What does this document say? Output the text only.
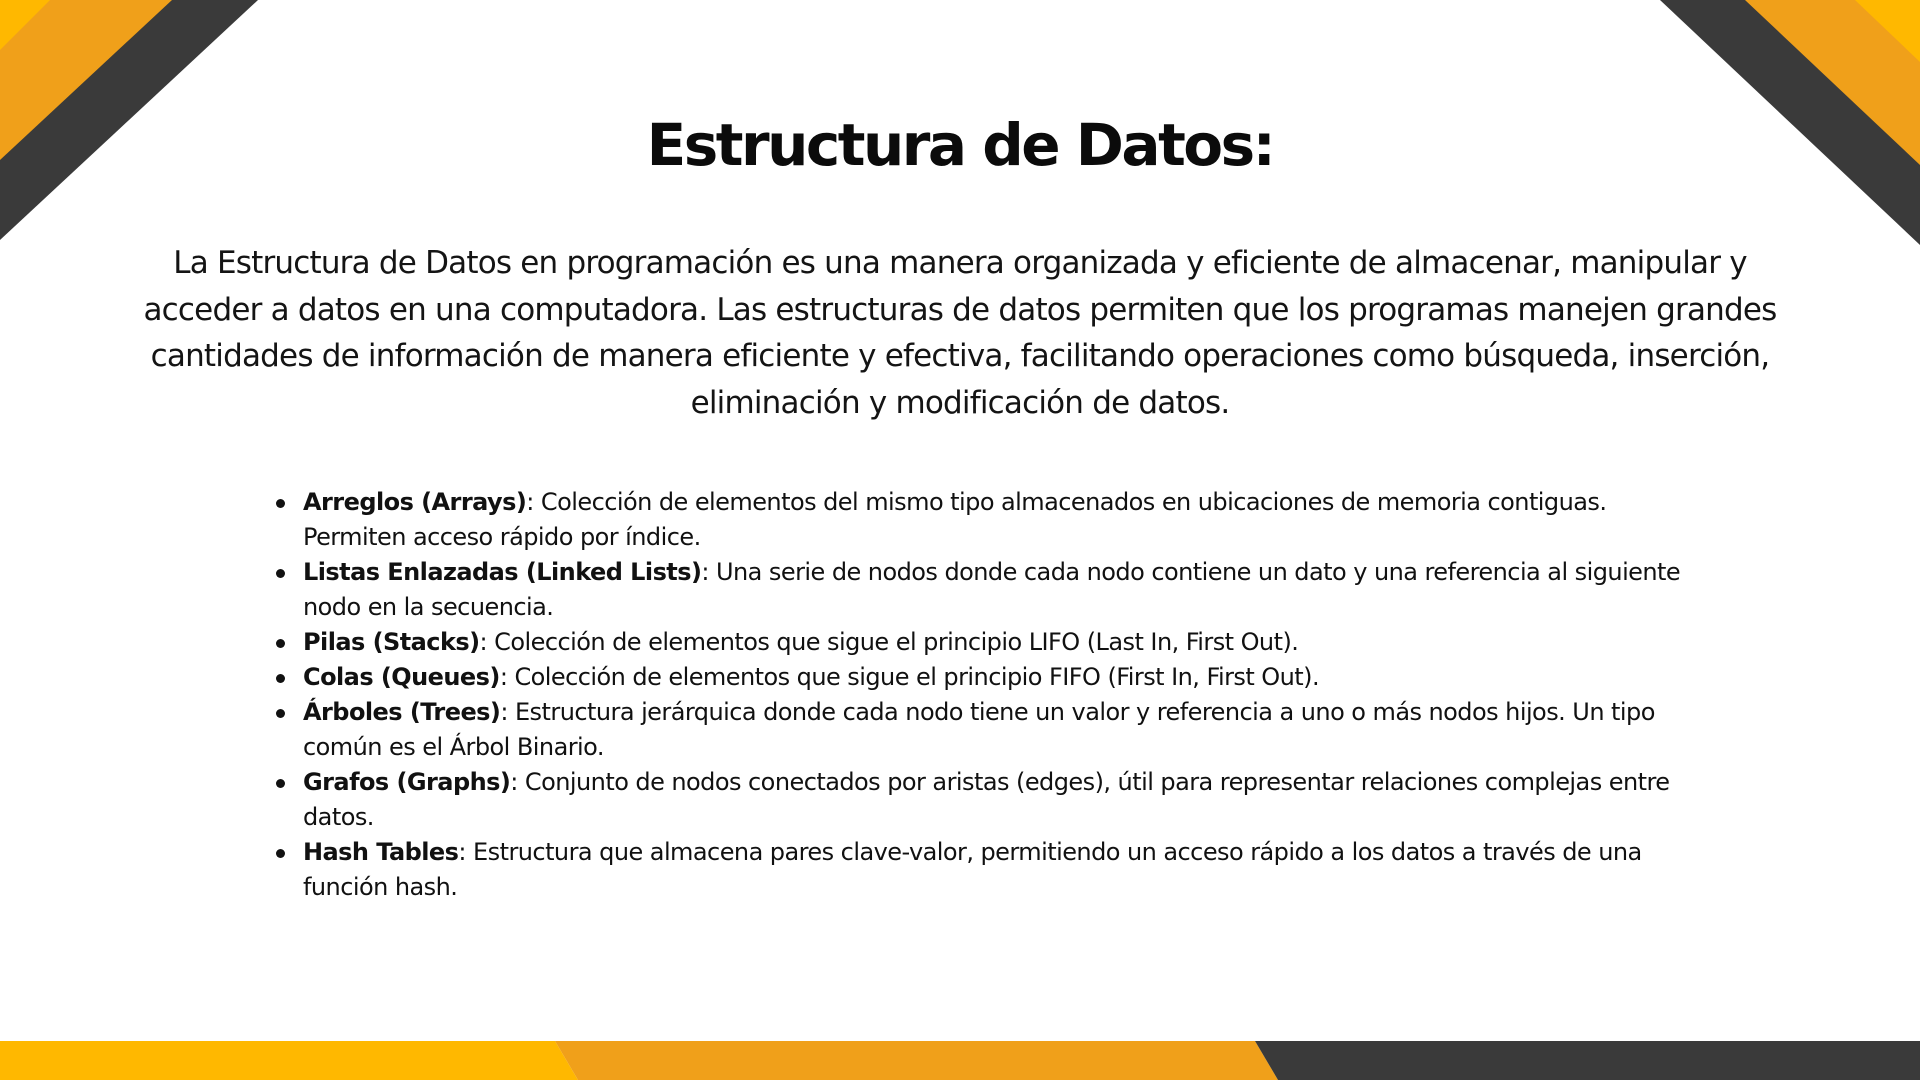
Estructura de Datos:

La Estructura de Datos en programación es una manera organizada y eficiente de almacenar, manipular y acceder a datos en una computadora. Las estructuras de datos permiten que los programas manejen grandes cantidades de información de manera eficiente y efectiva, facilitando operaciones como búsqueda, inserción, eliminación y modificación de datos.

Arreglos (Arrays): Colección de elementos del mismo tipo almacenados en ubicaciones de memoria contiguas. Permiten acceso rápido por índice.
Listas Enlazadas (Linked Lists): Una serie de nodos donde cada nodo contiene un dato y una referencia al siguiente nodo en la secuencia.
Pilas (Stacks): Colección de elementos que sigue el principio LIFO (Last In, First Out).
Colas (Queues): Colección de elementos que sigue el principio FIFO (First In, First Out).
Árboles (Trees): Estructura jerárquica donde cada nodo tiene un valor y referencia a uno o más nodos hijos. Un tipo común es el Árbol Binario.
Grafos (Graphs): Conjunto de nodos conectados por aristas (edges), útil para representar relaciones complejas entre datos.
Hash Tables: Estructura que almacena pares clave-valor, permitiendo un acceso rápido a los datos a través de una función hash.
